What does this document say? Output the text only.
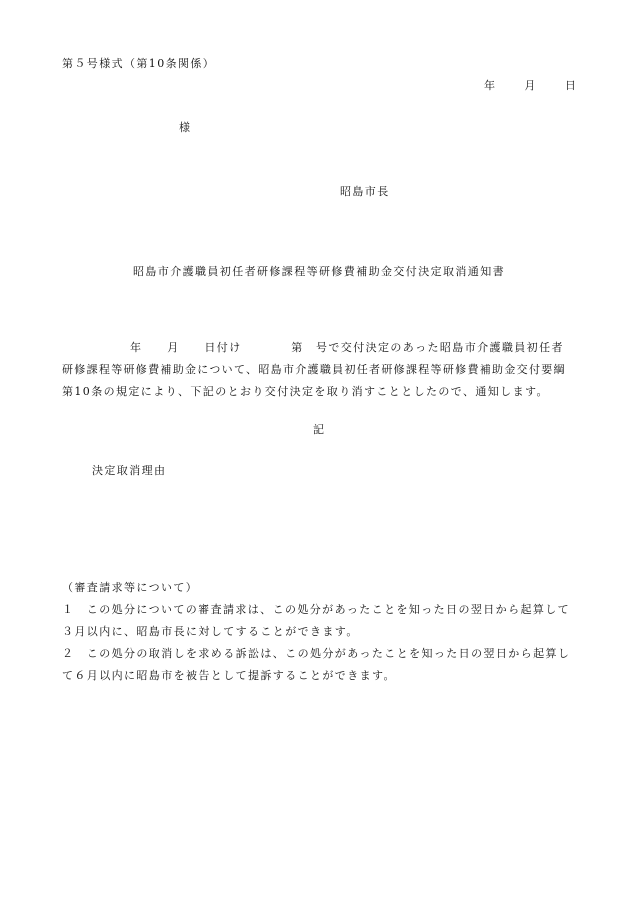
第５号様式（第10条関係）
年	月	日
様
昭島市長
昭島市介護職員初任者研修課程等研修費補助金交付決定取消通知書
年　　月　　日付け　　　　第　号で交付決定のあった昭島市介護職員初任者
研修課程等研修費補助金について、昭島市介護職員初任者研修課程等研修費補助金交付要綱
第10条の規定により、下記のとおり交付決定を取り消すこととしたので、通知します。
記
決定取消理由
（審査請求等について）
１　この処分についての審査請求は、この処分があったことを知った日の翌日から起算して
３月以内に、昭島市長に対してすることができます。
２　この処分の取消しを求める訴訟は、この処分があったことを知った日の翌日から起算し
て６月以内に昭島市を被告として提訴することができます。
